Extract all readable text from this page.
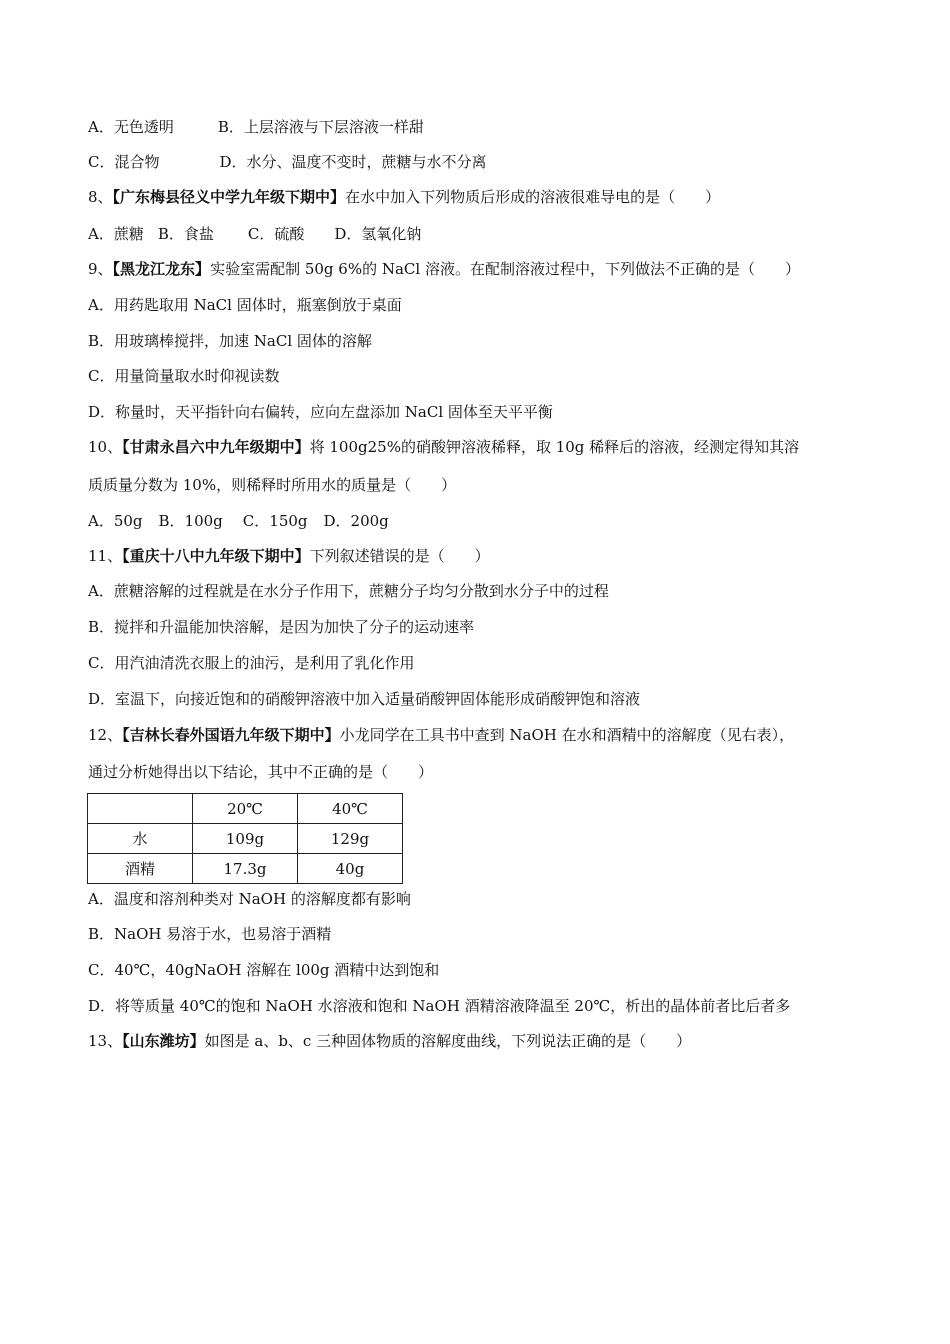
A．无色透明	B．上层溶液与下层溶液一样甜
C．混合物	D．水分、温度不变时，蔗糖与水不分离
8、【广东梅县径义中学九年级下期中】在水中加入下列物质后形成的溶液很难导电的是（　　）
A．蔗糖 B．食盐 C．硫酸 D．氢氧化钠
9、【黑龙江龙东】实验室需配制 50g 6%的 NaCl 溶液。在配制溶液过程中，下列做法不正确的是（　　）
A．用药匙取用 NaCl 固体时，瓶塞倒放于桌面
B．用玻璃棒搅拌，加速 NaCl 固体的溶解
C．用量筒量取水时仰视读数
D．称量时，天平指针向右偏转，应向左盘添加 NaCl 固体至天平平衡
10、【甘肃永昌六中九年级期中】将 100g25%的硝酸钾溶液稀释，取 10g 稀释后的溶液，经测定得知其溶
质质量分数为 10%，则稀释时所用水的质量是（　　）
A．50g B．100g C．150g D．200g
11、【重庆十八中九年级下期中】下列叙述错误的是（　　）
A．蔗糖溶解的过程就是在水分子作用下，蔗糖分子均匀分散到水分子中的过程
B．搅拌和升温能加快溶解，是因为加快了分子的运动速率
C．用汽油清洗衣服上的油污，是利用了乳化作用
D．室温下，向接近饱和的硝酸钾溶液中加入适量硝酸钾固体能形成硝酸钾饱和溶液
12、【吉林长春外国语九年级下期中】小龙同学在工具书中查到 NaOH 在水和酒精中的溶解度（见右表），
通过分析她得出以下结论，其中不正确的是（　　）
	20℃	40℃
水	109g	129g
酒精	17.3g	40g
A．温度和溶剂种类对 NaOH 的溶解度都有影响
B．NaOH 易溶于水，也易溶于酒精
C．40℃，40gNaOH 溶解在 l00g 酒精中达到饱和
D．将等质量 40℃的饱和 NaOH 水溶液和饱和 NaOH 酒精溶液降温至 20℃，析出的晶体前者比后者多
13、【山东潍坊】如图是 a、b、c 三种固体物质的溶解度曲线，下列说法正确的是（　　）
